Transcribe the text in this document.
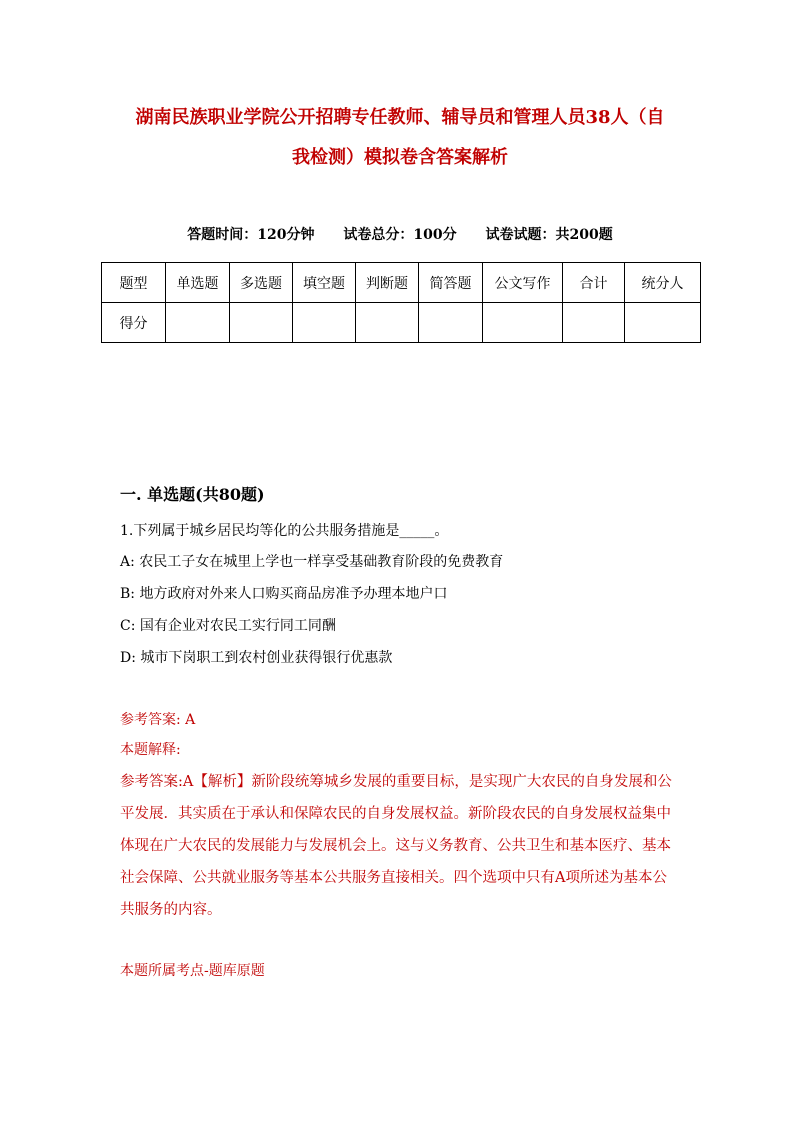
湖南民族职业学院公开招聘专任教师、辅导员和管理人员38人（自
我检测）模拟卷含答案解析
答题时间：120分钟 试卷总分：100分 试卷试题：共200题
题型	单选题	多选题	填空题	判断题	简答题	公文写作	合计	统分人
得分								
一. 单选题(共80题)
1.下列属于城乡居民均等化的公共服务措施是_____。
A: 农民工子女在城里上学也一样享受基础教育阶段的免费教育
B: 地方政府对外来人口购买商品房准予办理本地户口
C: 国有企业对农民工实行同工同酬
D: 城市下岗职工到农村创业获得银行优惠款
参考答案: A
本题解释:
参考答案:A【解析】新阶段统筹城乡发展的重要目标，是实现广大农民的自身发展和公平发展．其实质在于承认和保障农民的自身发展权益。新阶段农民的自身发展权益集中体现在广大农民的发展能力与发展机会上。这与义务教育、公共卫生和基本医疗、基本社会保障、公共就业服务等基本公共服务直接相关。四个选项中只有A项所述为基本公共服务的内容。
本题所属考点-题库原题
